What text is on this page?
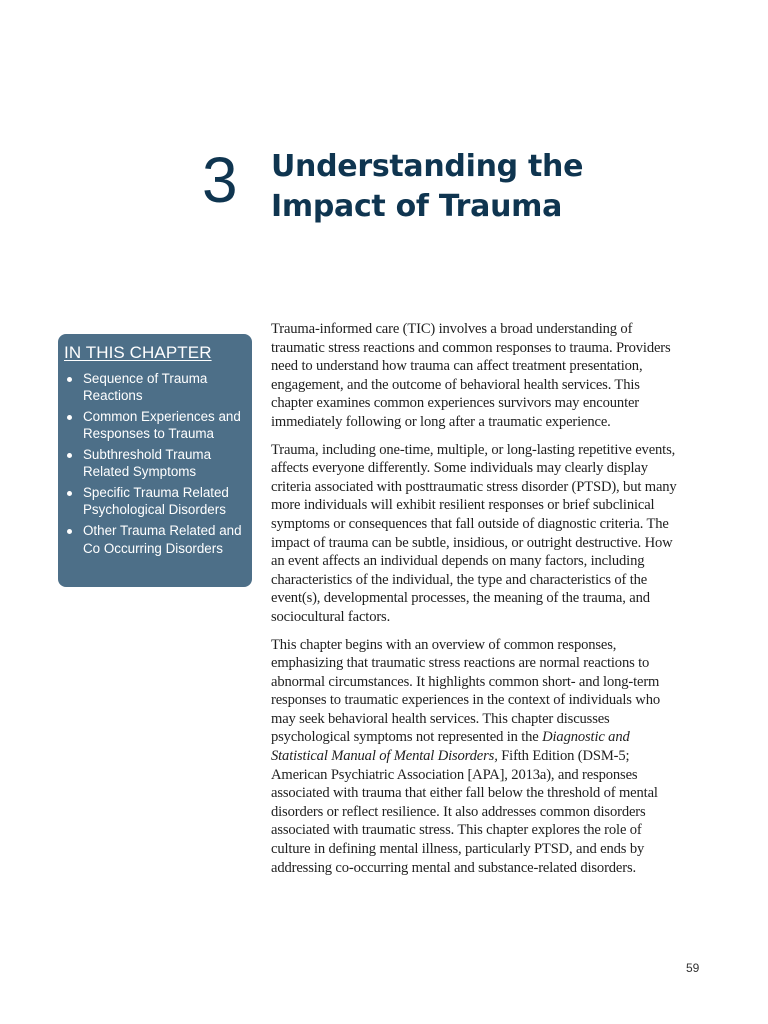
3 Understanding the
Impact of Trauma
IN THIS CHAPTER
Sequence of Trauma Reactions
Common Experiences and Responses to Trauma
Subthreshold Trauma Related Symptoms
Specific Trauma Related Psychological Disorders
Other Trauma Related and Co Occurring Disorders

Trauma-informed care (TIC) involves a broad understanding of traumatic stress reactions and common responses to trauma. Providers need to understand how trauma can affect treatment presentation, engagement, and the outcome of behavioral health services. This chapter examines common experiences survivors may encounter immediately following or long after a traumatic experience.

Trauma, including one-time, multiple, or long-lasting repetitive events, affects everyone differently. Some individuals may clearly display criteria associated with posttraumatic stress disorder (PTSD), but many more individuals will exhibit resilient responses or brief subclinical symptoms or consequences that fall outside of diagnostic criteria. The impact of trauma can be subtle, insidious, or outright destructive. How an event affects an individual depends on many factors, including characteristics of the individual, the type and characteristics of the event(s), developmental processes, the meaning of the trauma, and sociocultural factors.

This chapter begins with an overview of common responses, emphasizing that traumatic stress reactions are normal reactions to abnormal circumstances. It highlights common short- and long-term responses to traumatic experiences in the context of individuals who may seek behavioral health services. This chapter discusses psychological symptoms not represented in the Diagnostic and Statistical Manual of Mental Disorders, Fifth Edition (DSM-5; American Psychiatric Association [APA], 2013a), and responses associated with trauma that either fall below the threshold of mental disorders or reflect resilience. It also addresses common disorders associated with traumatic stress. This chapter explores the role of culture in defining mental illness, particularly PTSD, and ends by addressing co-occurring mental and substance-related disorders.

59
